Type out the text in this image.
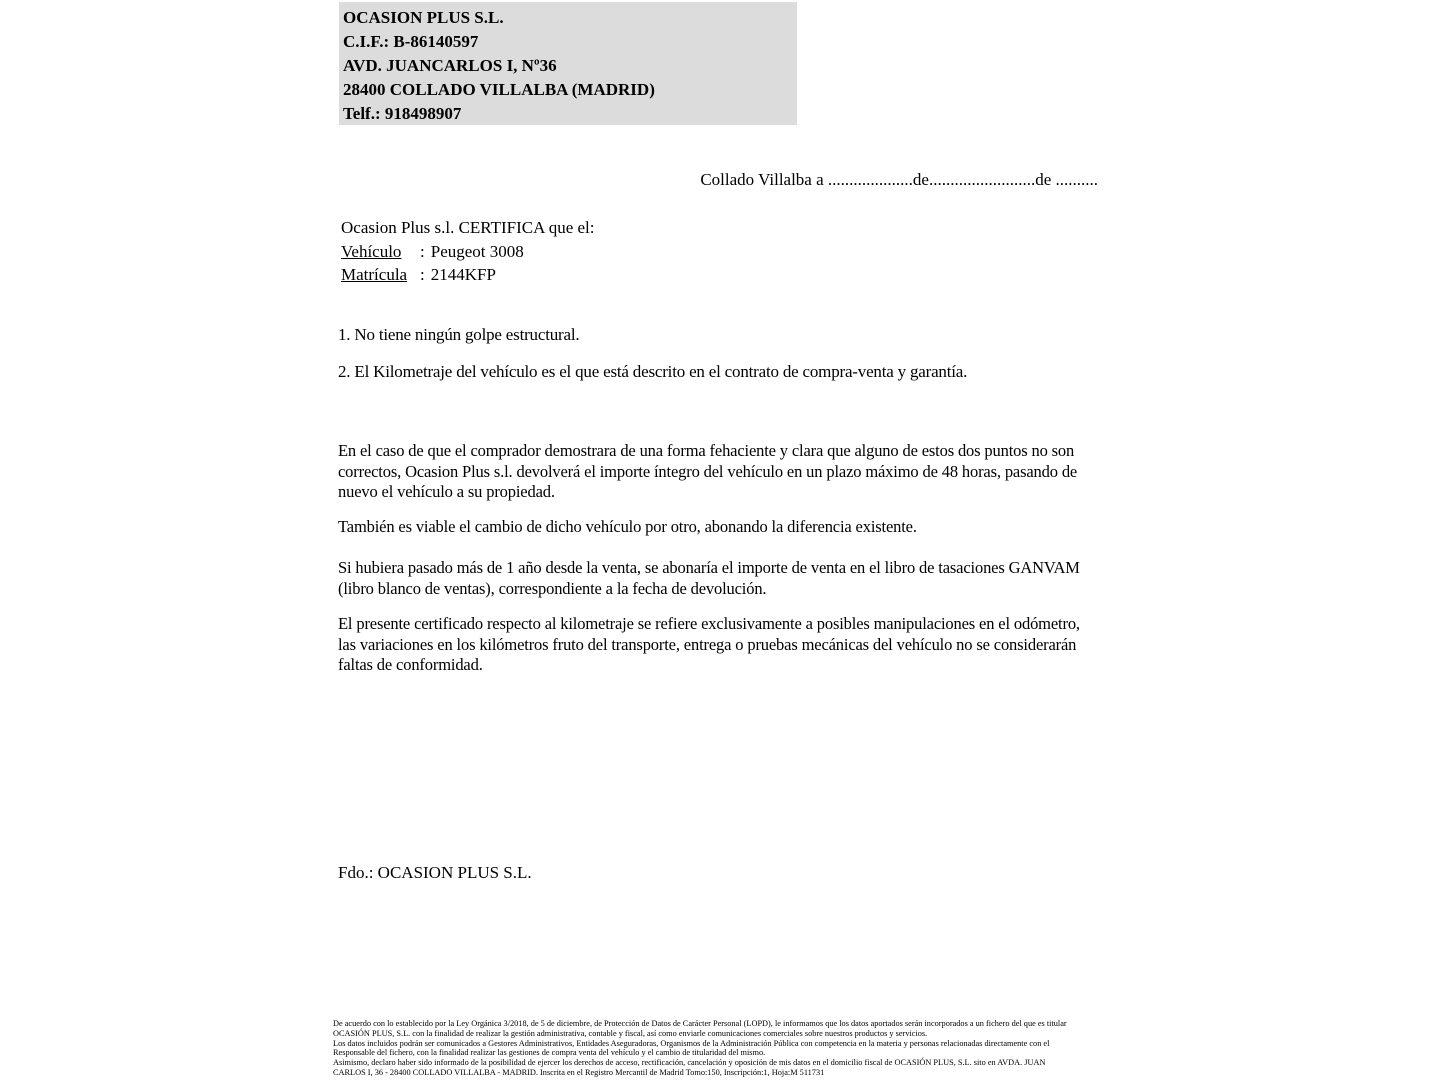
OCASION PLUS S.L.
C.I.F.: B-86140597
AVD. JUANCARLOS I, Nº36
28400 COLLADO VILLALBA (MADRID)
Telf.: 918498907
Collado Villalba a ....................de.........................de ..........
Ocasion Plus s.l. CERTIFICA que el:
Vehículo	: Peugeot 3008
Matrícula : 2144KFP
1. No tiene ningún golpe estructural.
2. El Kilometraje del vehículo es el que está descrito en el contrato de compra-venta y garantía.
En el caso de que el comprador demostrara de una forma fehaciente y clara que alguno de estos dos puntos no son correctos, Ocasion Plus s.l. devolverá el importe íntegro del vehículo en un plazo máximo de 48 horas, pasando de nuevo el vehículo a su propiedad.
También es viable el cambio de dicho vehículo por otro, abonando la diferencia existente.
Si hubiera pasado más de 1 año desde la venta, se abonaría el importe de venta en el libro de tasaciones GANVAM (libro blanco de ventas), correspondiente a la fecha de devolución.
El presente certificado respecto al kilometraje se refiere exclusivamente a posibles manipulaciones en el odómetro, las variaciones en los kilómetros fruto del transporte, entrega o pruebas mecánicas del vehículo no se considerarán faltas de conformidad.
Fdo.: OCASION PLUS S.L.
De acuerdo con lo establecido por la Ley Orgánica 3/2018, de 5 de diciembre, de Protección de Datos de Carácter Personal (LOPD), le informamos que los datos aportados serán incorporados a un fichero del que es titular
OCASIÓN PLUS, S.L. con la finalidad de realizar la gestión administrativa, contable y fiscal, así como enviarle comunicaciones comerciales sobre nuestros productos y servicios.
Los datos incluidos podrán ser comunicados a Gestores Administrativos, Entidades Aseguradoras, Organismos de la Administración Pública con competencia en la materia y personas relacionadas directamente con el
Responsable del fichero, con la finalidad realizar las gestiones de compra venta del vehículo y el cambio de titularidad del mismo.
Asimismo, declaro haber sido informado de la posibilidad de ejercer los derechos de acceso, rectificación, cancelación y oposición de mis datos en el domicilio fiscal de OCASIÓN PLUS, S.L. sito en AVDA. JUAN
CARLOS I, 36 - 28400 COLLADO VILLALBA - MADRID. Inscrita en el Registro Mercantil de Madrid Tomo:150, Inscripción:1, Hoja:M 511731
